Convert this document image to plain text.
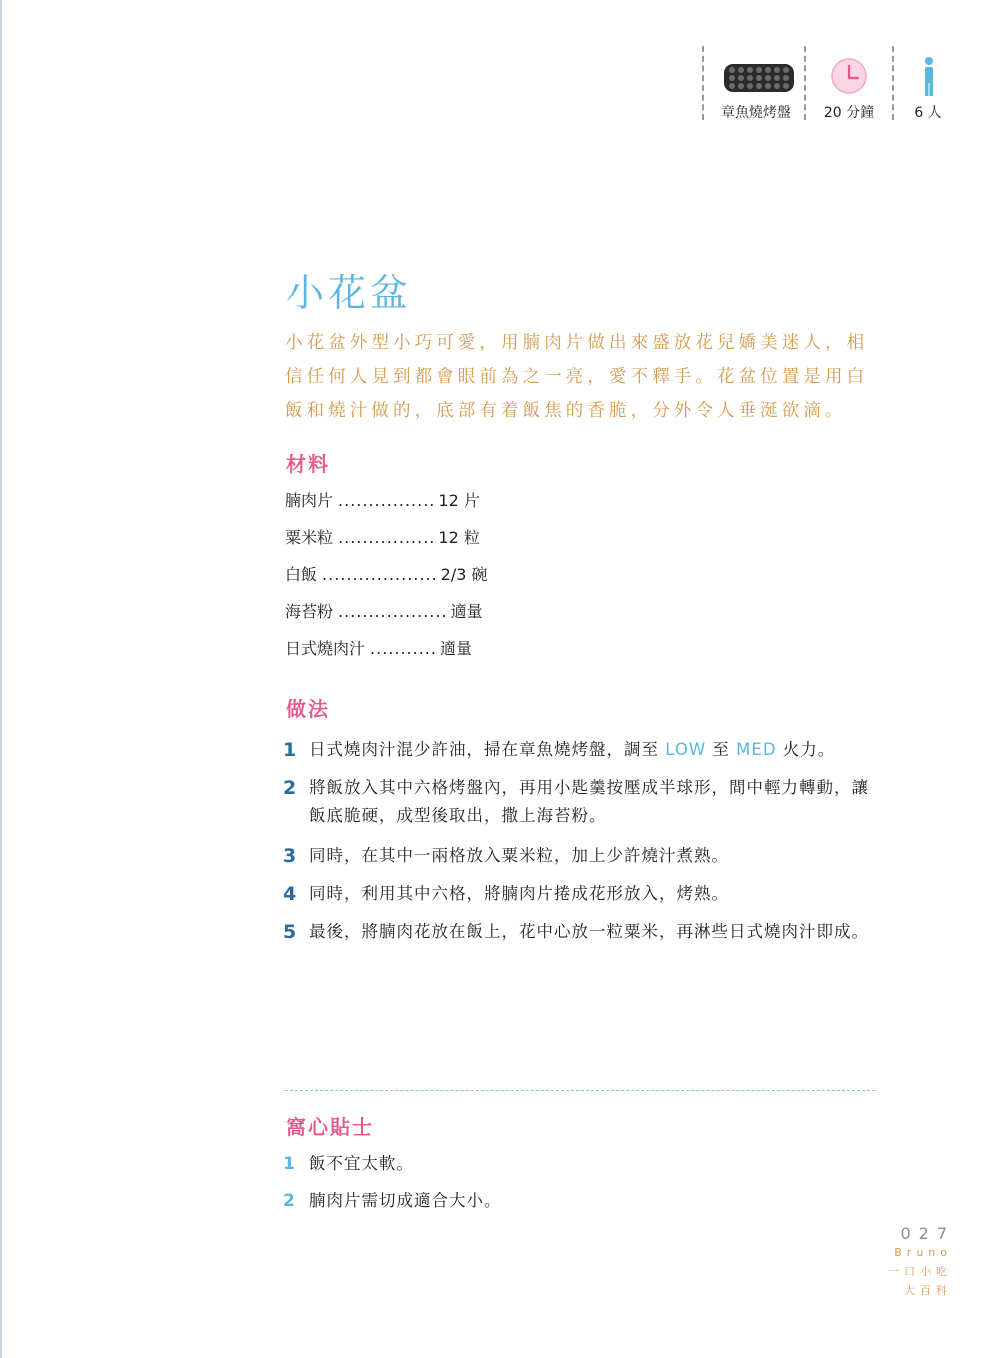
章魚燒烤盤	20 分鐘	6 人
小花盆

小花盆外型小巧可愛，用腩肉片做出來盛放花兒嬌美迷人，相信任何人見到都會眼前為之一亮，愛不釋手。花盆位置是用白飯和燒汁做的，底部有着飯焦的香脆，分外令人垂涎欲滴。

材料
腩肉片 ................ 12 片
粟米粒 ................ 12 粒
白飯 ................... 2/3 碗
海苔粉 .................. 適量
日式燒肉汁 ........... 適量
做法
1 日式燒肉汁混少許油，掃在章魚燒烤盤，調至 LOW 至 MED 火力。
2 將飯放入其中六格烤盤內，再用小匙羹按壓成半球形，間中輕力轉動，讓飯底脆硬，成型後取出，撒上海苔粉。
3 同時，在其中一兩格放入粟米粒，加上少許燒汁煮熟。
4 同時，利用其中六格，將腩肉片捲成花形放入，烤熟。
5 最後，將腩肉花放在飯上，花中心放一粒粟米，再淋些日式燒肉汁即成。
窩心貼士
1 飯不宜太軟。
2 腩肉片需切成適合大小。
027
Bruno
一口小吃
大百科
